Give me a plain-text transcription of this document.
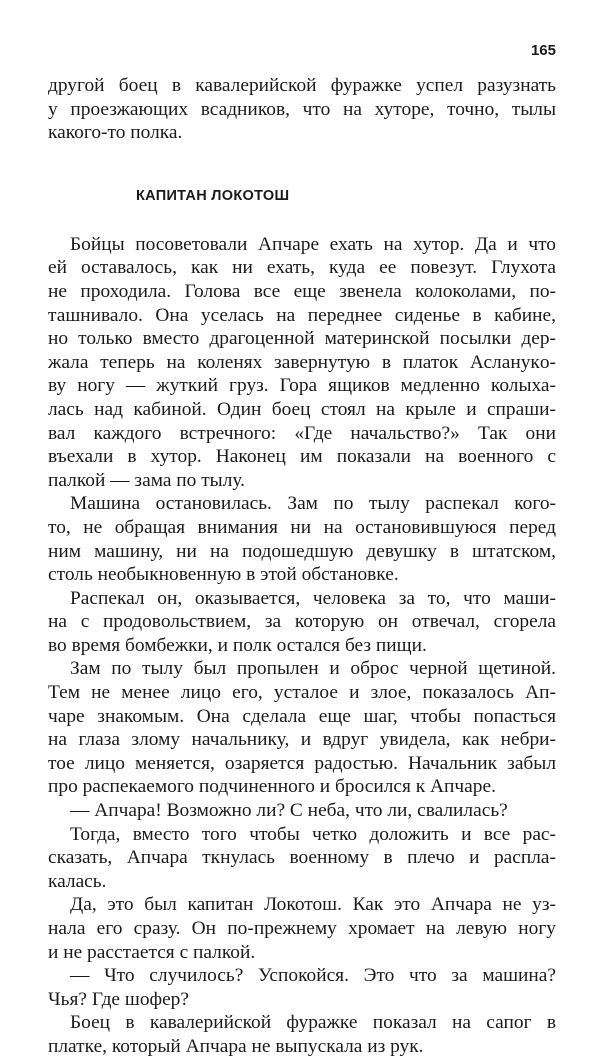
165
другой боец в кавалерийской фуражке успел разузнать
у проезжающих всадников, что на хуторе, точно, тылы
какого-то полка.
КАПИТАН ЛОКОТОШ
Бойцы посоветовали Апчаре ехать на хутор. Да и что
ей оставалось, как ни ехать, куда ее повезут. Глухота
не проходила. Голова все еще звенела колоколами, по-
ташнивало. Она уселась на переднее сиденье в кабине,
но только вместо драгоценной материнской посылки дер-
жала теперь на коленях завернутую в платок Асланукo-
ву ногу — жуткий груз. Гора ящиков медленно колыха-
лась над кабиной. Один боец стоял на крыле и спраши-
вал каждого встречного: «Где начальство?» Так они
въехали в хутор. Наконец им показали на военного с
палкой — зама по тылу.
Машина остановилась. Зам по тылу распекал кого-
то, не обращая внимания ни на остановившуюся перед
ним машину, ни на подошедшую девушку в штатском,
столь необыкновенную в этой обстановке.
Распекал он, оказывается, человека за то, что маши-
на с продовольствием, за которую он отвечал, сгорела
во время бомбежки, и полк остался без пищи.
Зам по тылу был пропылен и оброс черной щетиной.
Тем не менее лицо его, усталое и злое, показалось Ап-
чаре знакомым. Она сделала еще шаг, чтобы попасться
на глаза злому начальнику, и вдруг увидела, как небри-
тое лицо меняется, озаряется радостью. Начальник забыл
про распекаемого подчиненного и бросился к Апчаре.
— Апчара! Возможно ли? С неба, что ли, свалилась?
Тогда, вместо того чтобы четко доложить и все рас-
сказать, Апчара ткнулась военному в плечо и распла-
калась.
Да, это был капитан Локотош. Как это Апчара не уз-
нала его сразу. Он по-прежнему хромает на левую ногу
и не расстается с палкой.
— Что случилось? Успокойся. Это что за машина?
Чья? Где шофер?
Боец в кавалерийской фуражке показал на сапог в
платке, который Апчара не выпускала из рук.
